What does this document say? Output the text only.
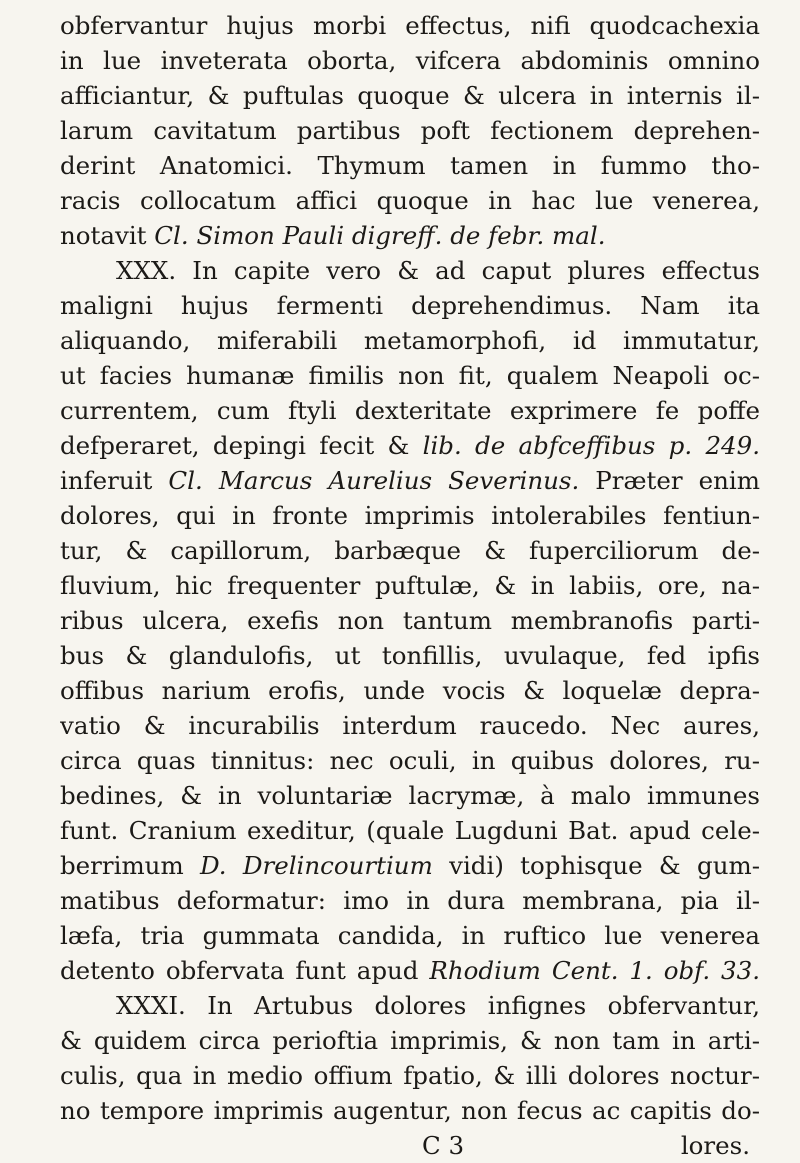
obfervantur hujus morbi effectus, nifi quodcachexia
in lue inveterata oborta, vifcera abdominis omnino
afficiantur, & puftulas quoque & ulcera in internis il-
larum cavitatum partibus poft fectionem deprehen-
derint Anatomici. Thymum tamen in fummo tho-
racis collocatum affici quoque in hac lue venerea,
notavit Cl. Simon Pauli digreff. de febr. mal.
XXX. In capite vero & ad caput plures effectus
maligni hujus fermenti deprehendimus. Nam ita
aliquando, miferabili metamorphofi, id immutatur,
ut facies humanæ fimilis non fit, qualem Neapoli oc-
currentem, cum ftyli dexteritate exprimere fe poffe
defperaret, depingi fecit & lib. de abfceffibus p. 249.
inferuit Cl. Marcus Aurelius Severinus. Præter enim
dolores, qui in fronte imprimis intolerabiles fentiun-
tur, & capillorum, barbæque & fuperciliorum de-
fluvium, hic frequenter puftulæ, & in labiis, ore, na-
ribus ulcera, exefis non tantum membranofis parti-
bus & glandulofis, ut tonfillis, uvulaque, fed ipfis
offibus narium erofis, unde vocis & loquelæ depra-
vatio & incurabilis interdum raucedo. Nec aures,
circa quas tinnitus: nec oculi, in quibus dolores, ru-
bedines, & in voluntariæ lacrymæ, à malo immunes
funt. Cranium exeditur, (quale Lugduni Bat. apud cele-
berrimum D. Drelincourtium vidi) tophisque & gum-
matibus deformatur: imo in dura membrana, pia il-
læfa, tria gummata candida, in ruftico lue venerea
detento obfervata funt apud Rhodium Cent. 1. obf. 33.
XXXI. In Artubus dolores infignes obfervantur,
& quidem circa perioftia imprimis, & non tam in arti-
culis, qua in medio offium fpatio, & illi dolores noctur-
no tempore imprimis augentur, non fecus ac capitis do-
C 3	lores.
